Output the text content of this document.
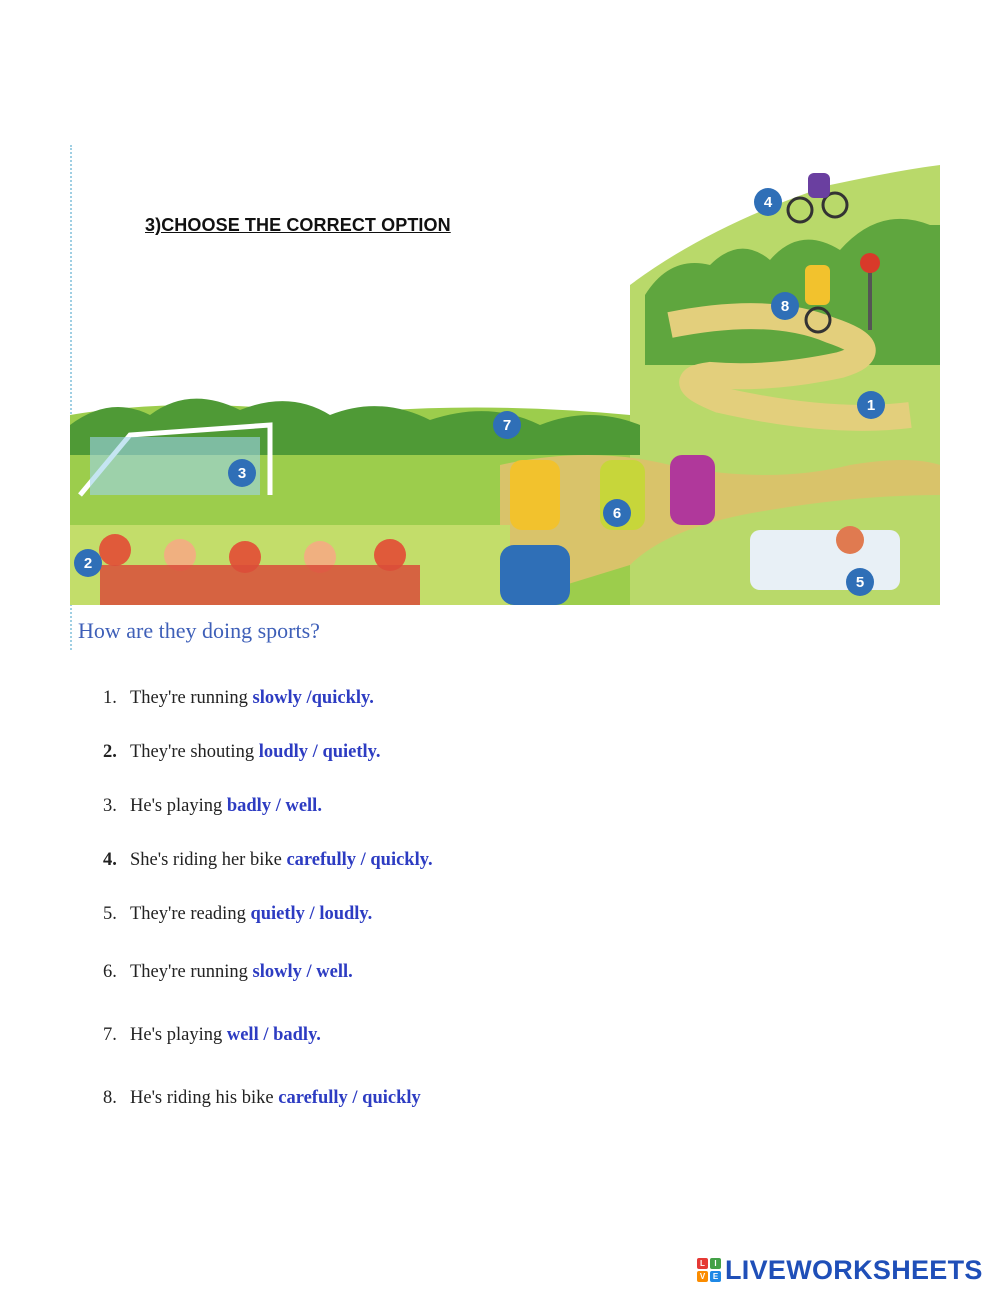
3)CHOOSE THE CORRECT OPTION
1
2
3
4
5
6
7
8
How are they doing sports?
1. They're running slowly /quickly.
2. They're shouting loudly / quietly.
3. He's playing badly / well.
4. She's riding her bike carefully / quickly.
5. They're reading quietly / loudly.
6. They're running slowly / well.
7. He's playing well / badly.
8. He's riding his bike carefully / quickly
L	I
V E LIVEWORKSHEETS
